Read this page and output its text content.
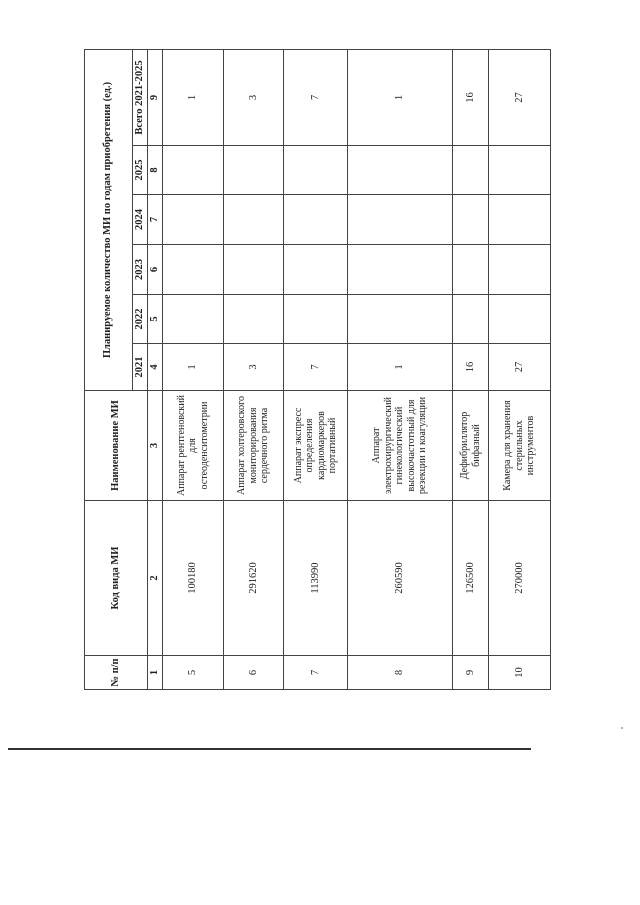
№ п/п	Код вида МИ	Наименование МИ	Планируемое количество МИ по годам приобретения (ед.)					
			2021	2022	2023	2024	2025	Всего 2021-2025
1	2	3	4	5	6	7	8	9
5	100180	Аппарат рентгеновский для остеоденситометрии	1					1
6	291620	Аппарат холтеровского мониторирования сердечного ритма	3					3
7	113990	Аппарат экспресс определения кардиомаркеров портативный	7					7
8	260590	Аппарат электрохирургический гинекологический высокочастотный для резекции и коагуляции	1					1
9	126500	Дефибриллятор бифазный	16					16
10	270000	Камера для хранения стерильных инструментов	27					27
